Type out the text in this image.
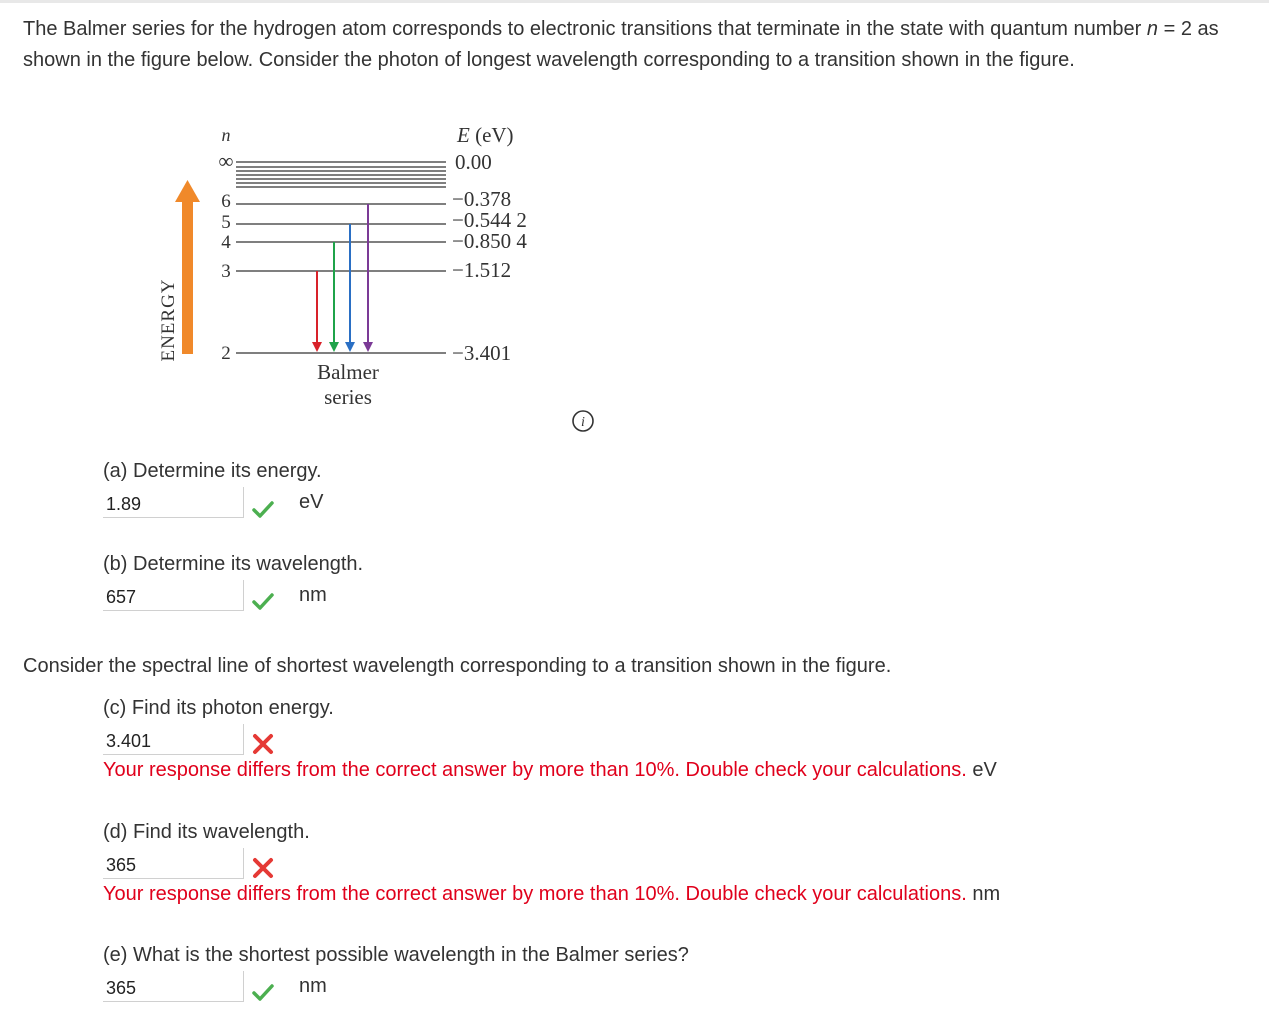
The Balmer series for the hydrogen atom corresponds to electronic transitions that terminate in the state with quantum number n = 2 as shown in the figure below. Consider the photon of longest wavelength corresponding to a transition shown in the figure.
ENERGY
n	E (eV)
∞
6
5
4
3
2
0.00
−0.378
−0.544 2
−0.850 4
−1.512
−3.401
Balmer
series
i
(a) Determine its energy.
1.89
eV
(b) Determine its wavelength.
657
nm
Consider the spectral line of shortest wavelength corresponding to a transition shown in the figure.
(c) Find its photon energy.
3.401
Your response differs from the correct answer by more than 10%. Double check your calculations. eV
(d) Find its wavelength.
365
Your response differs from the correct answer by more than 10%. Double check your calculations. nm
(e) What is the shortest possible wavelength in the Balmer series?
365
nm
